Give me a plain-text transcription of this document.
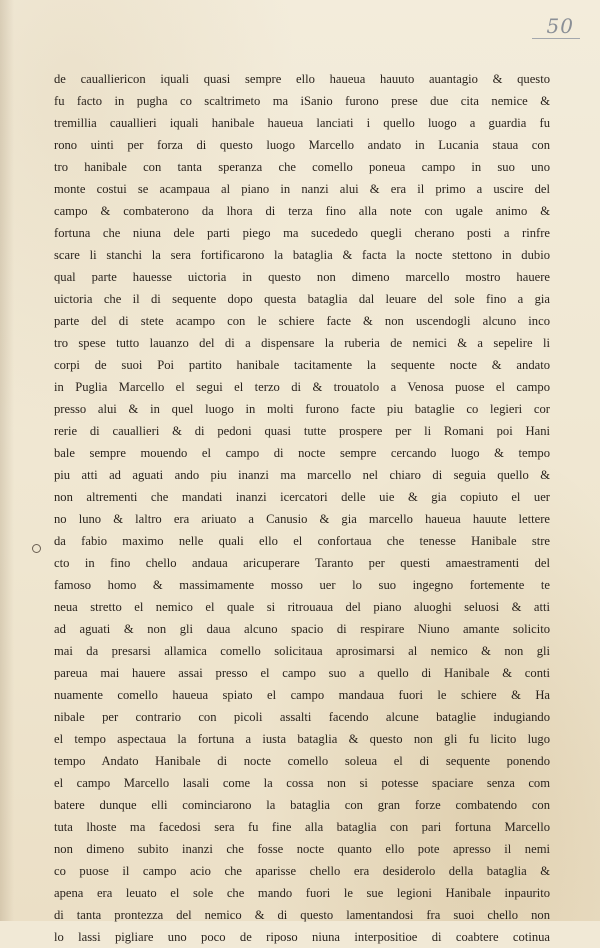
50
de caualliericon iquali quasi sempre ello haueua hauuto auantagio & questo
fu facto in pugha co scaltrimeto ma iSanio furono prese due cita nemice &
tremillia cauallieri iquali hanibale haueua lanciati i quello luogo a guardia fu
rono uinti per forza di questo luogo Marcello andato in Lucania staua con
tro hanibale con tanta speranza che comello poneua campo in suo uno
monte costui se acampaua al piano in nanzi alui & era il primo a uscire del
campo & combaterono da lhora di terza fino alla note con ugale animo &
fortuna che niuna dele parti piego ma sucededo quegli cherano posti a rinfre
scare li stanchi la sera fortificarono la bataglia & facta la nocte stettono in dubio
qual parte hauesse uictoria in questo non dimeno marcello mostro hauere
uictoria che il di sequente dopo questa bataglia dal leuare del sole fino a gia
parte del di stete acampo con le schiere facte & non uscendogli alcuno inco
tro spese tutto lauanzo del di a dispensare la ruberia de nemici & a sepelire li
corpi de suoi Poi partito hanibale tacitamente la sequente nocte & andato
in Puglia Marcello el segui el terzo di & trouatolo a Venosa puose el campo
presso alui & in quel luogo in molti furono facte piu bataglie co legieri cor
rerie di cauallieri & di pedoni quasi tutte prospere per li Romani poi Hani
bale sempre mouendo el campo di nocte sempre cercando luogo & tempo
piu atti ad aguati ando piu inanzi ma marcello nel chiaro di seguia quello &
non altrementi che mandati inanzi icercatori delle uie & gia copiuto el uer
no luno & laltro era ariuato a Canusio & gia marcello haueua hauute lettere
da fabio maximo nelle quali ello el confortaua che tenesse Hanibale stre
cto in fino chello andaua aricuperare Taranto per questi amaestramenti del
famoso homo & massimamente mosso uer lo suo ingegno fortemente te
neua stretto el nemico el quale si ritrouaua del piano aluoghi seluosi & atti
ad aguati & non gli daua alcuno spacio di respirare Niuno amante solicito
mai da presarsi allamica comello solicitaua aprosimarsi al nemico & non gli
pareua mai hauere assai presso el campo suo a quello di Hanibale & conti
nuamente comello haueua spiato el campo mandaua fuori le schiere & Ha
nibale per contrario con picoli assalti facendo alcune bataglie indugiando
el tempo aspectaua la fortuna a iusta bataglia & questo non gli fu licito lugo
tempo Andato Hanibale di nocte comello soleua el di sequente ponendo
el campo Marcello lasali come la cossa non si potesse spaciare senza com
batere dunque elli cominciarono la bataglia con gran forze combatendo con
tuta lhoste ma facedosi sera fu fine alla bataglia con pari fortuna Marcello
non dimeno subito inanzi che fosse nocte quanto ello pote apresso il nemi
co puose il campo acio che aparisse chello era desiderolo della bataglia &
apena era leuato el sole che mando fuori le sue legioni Hanibale inpaurito
di tanta prontezza del nemico & di questo lamentandosi fra suoi chello non
lo lassi pigliare uno poco de riposo niuna interpositioe di coabtere cotinua
